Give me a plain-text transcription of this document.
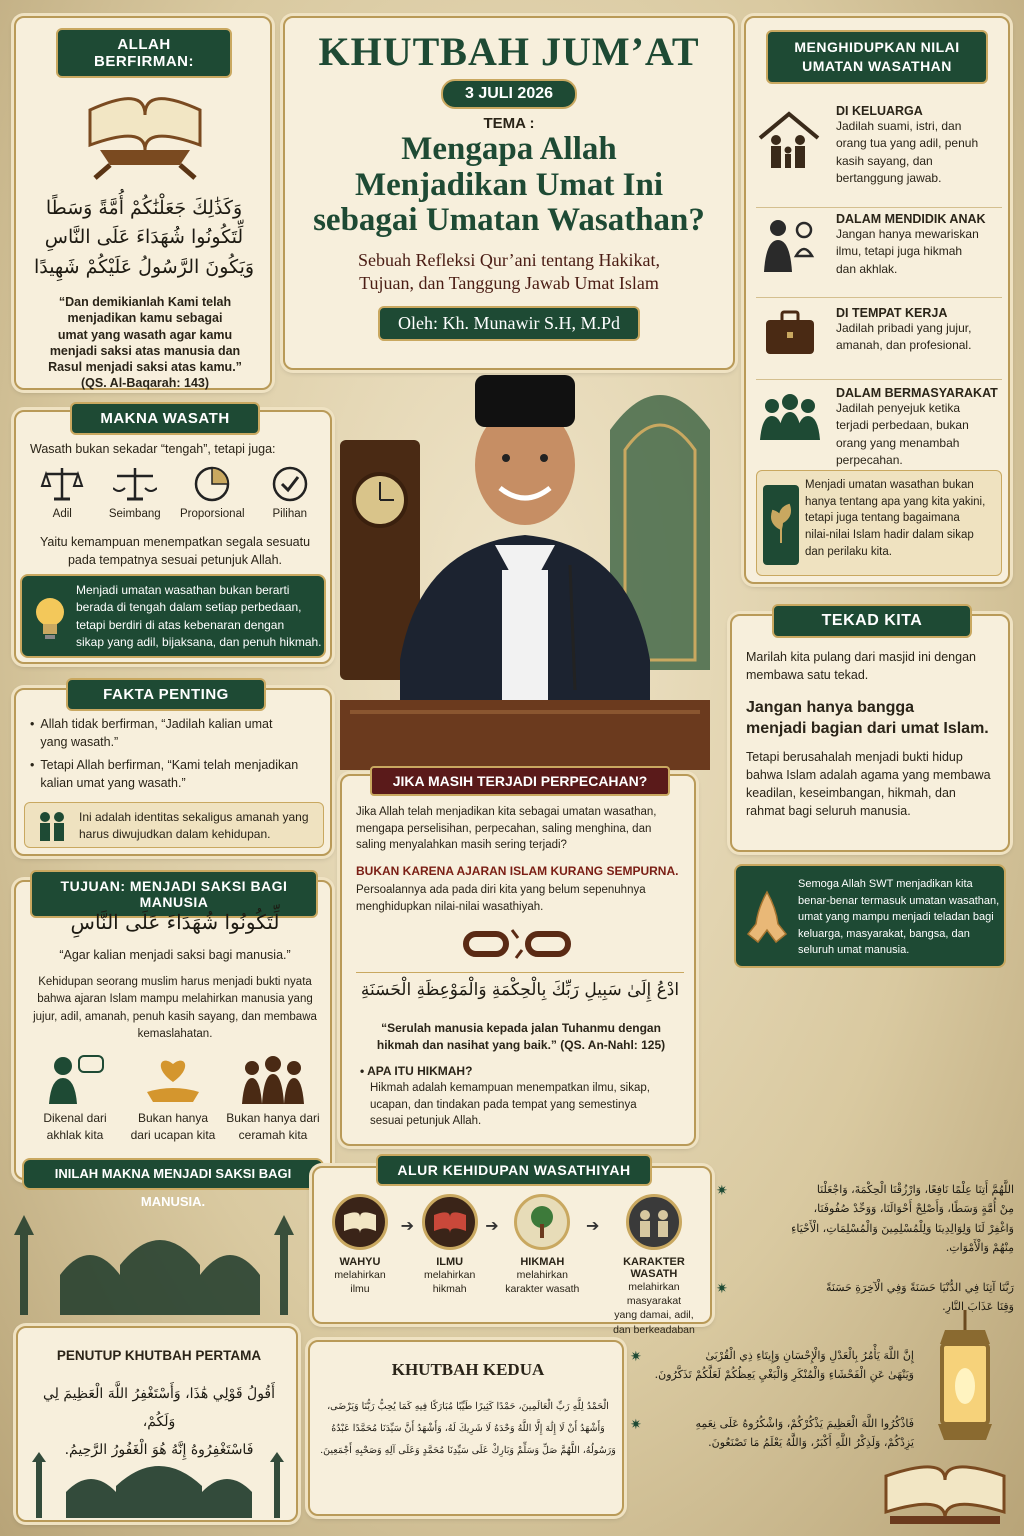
KHUTBAH JUM’AT
3 JULI 2026
TEMA :
Mengapa Allah
Menjadikan Umat Ini
sebagai Umatan Wasathan?
Sebuah Refleksi Qur’ani tentang Hakikat,
Tujuan, dan Tanggung Jawab Umat Islam
Oleh: Kh. Munawir S.H, M.Pd
ALLAH BERFIRMAN:
وَكَذَٰلِكَ جَعَلْنَٰكُمْ أُمَّةً وَسَطًا
لِّتَكُونُوا شُهَدَاءَ عَلَى النَّاسِ
وَيَكُونَ الرَّسُولُ عَلَيْكُمْ شَهِيدًا
“Dan demikianlah Kami telah
menjadikan kamu sebagai
umat yang wasath agar kamu
menjadi saksi atas manusia dan
Rasul menjadi saksi atas kamu.”
(QS. Al-Baqarah: 143)
MAKNA WASATH
Wasath bukan sekadar “tengah”, tetapi juga:
Adil	Seimbang	Proporsional	Pilihan
Yaitu kemampuan menempatkan segala sesuatu
pada tempatnya sesuai petunjuk Allah.
Menjadi umatan wasathan bukan berarti
berada di tengah dalam setiap perbedaan,
tetapi berdiri di atas kebenaran dengan
sikap yang adil, bijaksana, dan penuh hikmah.
FAKTA PENTING
• Allah tidak berfirman, “Jadilah kalian umat
yang wasath.”
• Tetapi Allah berfirman, “Kami telah menjadikan
kalian umat yang wasath.”
Ini adalah identitas sekaligus amanah yang
harus diwujudkan dalam kehidupan.
TUJUAN: MENJADI SAKSI BAGI MANUSIA
لِّتَكُونُوا شُهَدَاءَ عَلَى النَّاسِ
“Agar kalian menjadi saksi bagi manusia.”
Kehidupan seorang muslim harus menjadi bukti nyata
bahwa ajaran Islam mampu melahirkan manusia yang
jujur, adil, amanah, penuh kasih sayang, dan membawa
kemaslahatan.
Dikenal dari
akhlak kita
Bukan hanya
dari ucapan kita
Bukan hanya dari
ceramah kita
INILAH MAKNA MENJADI SAKSI BAGI MANUSIA.
MENGHIDUPKAN NILAI
UMATAN WASATHAN
DI KELUARGA
Jadilah suami, istri, dan
orang tua yang adil, penuh
kasih sayang, dan
bertanggung jawab.
DALAM MENDIDIK ANAK
Jangan hanya mewariskan
ilmu, tetapi juga hikmah
dan akhlak.
DI TEMPAT KERJA
Jadilah pribadi yang jujur,
amanah, dan profesional.
DALAM BERMASYARAKAT
Jadilah penyejuk ketika
terjadi perbedaan, bukan
orang yang menambah
perpecahan.
Menjadi umatan wasathan bukan
hanya tentang apa yang kita yakini,
tetapi juga tentang bagaimana
nilai-nilai Islam hadir dalam sikap
dan perilaku kita.
TEKAD KITA
Marilah kita pulang dari masjid ini dengan
membawa satu tekad.
Jangan hanya bangga
menjadi bagian dari umat Islam.
Tetapi berusahalah menjadi bukti hidup
bahwa Islam adalah agama yang membawa
keadilan, keseimbangan, hikmah, dan
rahmat bagi seluruh manusia.
Semoga Allah SWT menjadikan kita
benar-benar termasuk umatan wasathan,
umat yang mampu menjadi teladan bagi
keluarga, masyarakat, bangsa, dan
seluruh umat manusia.
JIKA MASIH TERJADI PERPECAHAN?
Jika Allah telah menjadikan kita sebagai umatan wasathan,
mengapa perselisihan, perpecahan, saling menghina, dan
saling menyalahkan masih sering terjadi?
BUKAN KARENA AJARAN ISLAM KURANG SEMPURNA.
Persoalannya ada pada diri kita yang belum sepenuhnya
menghidupkan nilai-nilai wasathiyah.
ادْعُ إِلَىٰ سَبِيلِ رَبِّكَ بِالْحِكْمَةِ وَالْمَوْعِظَةِ الْحَسَنَةِ
“Serulah manusia kepada jalan Tuhanmu dengan
hikmah dan nasihat yang baik.” (QS. An-Nahl: 125)
• APA ITU HIKMAH?
Hikmah adalah kemampuan menempatkan ilmu, sikap,
ucapan, dan tindakan pada tempat yang semestinya
sesuai petunjuk Allah.
ALUR KEHIDUPAN WASATHIYAH
WAHYU
melahirkan
ilmu
➔
ILMU
melahirkan
hikmah
➔
HIKMAH
melahirkan
karakter wasath
➔
KARAKTER WASATH
melahirkan masyarakat
yang damai, adil,
dan berkeadaban
✷	اللَّهُمَّ أَتِنَا عِلْمًا نَافِعًا، وَارْزُقْنَا الْحِكْمَةَ، وَاجْعَلْنَا
مِنْ أُمَّةٍ وَسَطًا، وَأَصْلِحْ أَحْوَالَنَا، وَوَحِّدْ صُفُوفَنَا،
وَاغْفِرْ لَنَا وَلِوَالِدِينَا وَلِلْمُسْلِمِينَ وَالْمُسْلِمَاتِ، الْأَحْيَاءِ
مِنْهُمْ وَالْأَمْوَاتِ.
✷	رَبَّنَا آتِنَا فِي الدُّنْيَا حَسَنَةً وَفِي الْآخِرَةِ حَسَنَةً
وَقِنَا عَذَابَ النَّارِ.
✷	إِنَّ اللَّهَ يَأْمُرُ بِالْعَدْلِ وَالْإِحْسَانِ وَإِيتَاءِ ذِي الْقُرْبَىٰ
وَيَنْهَىٰ عَنِ الْفَحْشَاءِ وَالْمُنْكَرِ وَالْبَغْيِ يَعِظُكُمْ لَعَلَّكُمْ تَذَكَّرُونَ.
✷	فَاذْكُرُوا اللَّهَ الْعَظِيمَ يَذْكُرْكُمْ، وَاشْكُرُوهُ عَلَى نِعَمِهِ
يَزِدْكُمْ، وَلَذِكْرُ اللَّهِ أَكْبَرُ، وَاللَّهُ يَعْلَمُ مَا تَصْنَعُونَ.
PENUTUP KHUTBAH PERTAMA
أَقُولُ قَوْلِي هَٰذَا، وَأَسْتَغْفِرُ اللَّهَ الْعَظِيمَ لِي وَلَكُمْ،
فَاسْتَغْفِرُوهُ إِنَّهُ هُوَ الْغَفُورُ الرَّحِيمُ.
KHUTBAH KEDUA
الْحَمْدُ لِلَّهِ رَبِّ الْعَالَمِينَ، حَمْدًا كَثِيرًا طَيِّبًا مُبَارَكًا فِيهِ كَمَا يُحِبُّ رَبُّنَا وَيَرْضَى،
وَأَشْهَدُ أَنْ لَا إِلَٰهَ إِلَّا اللَّهُ وَحْدَهُ لَا شَرِيكَ لَهُ، وَأَشْهَدُ أَنَّ سَيِّدَنَا مُحَمَّدًا عَبْدُهُ
وَرَسُولُهُ، اللَّهُمَّ صَلِّ وَسَلِّمْ وَبَارِكْ عَلَى سَيِّدِنَا مُحَمَّدٍ وَعَلَى آلِهِ وَصَحْبِهِ أَجْمَعِينَ.
